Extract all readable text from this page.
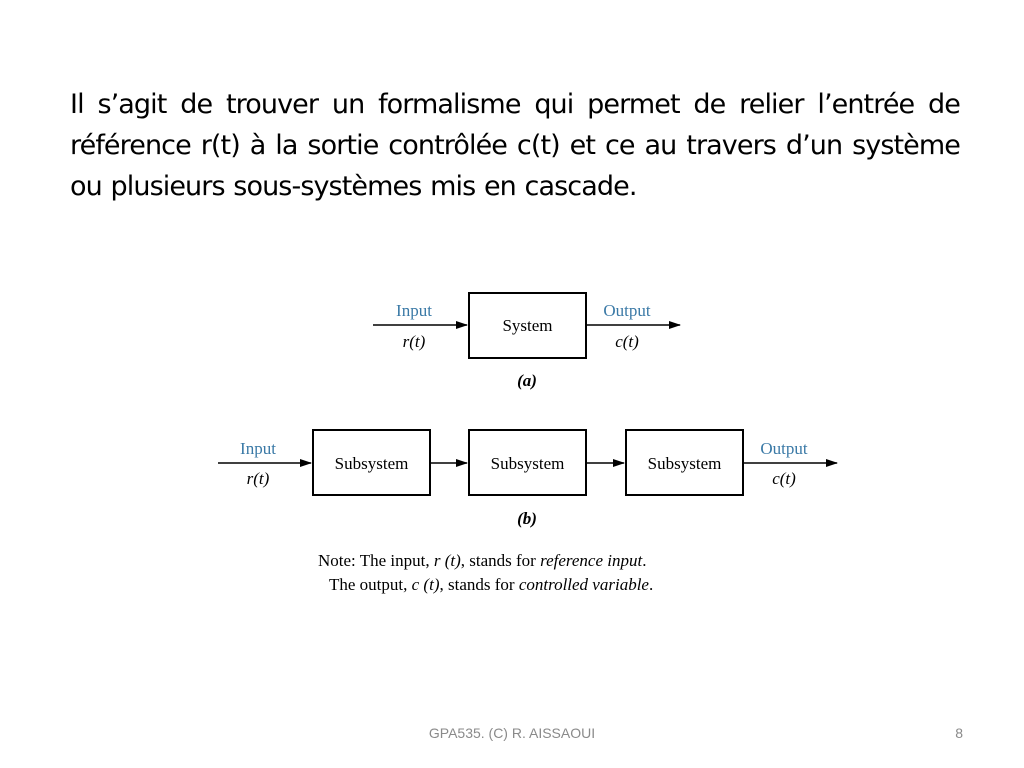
Il s’agit de trouver un formalisme qui permet de relier l’entrée de référence r(t) à la sortie contrôlée c(t) et ce au travers d’un système ou plusieurs sous-systèmes mis en cascade.

Input
r(t)
System
Output
c(t)
(a)
Input
r(t)
Subsystem	Subsystem	Subsystem
Output
c(t)
(b)
Note: The input, r (t), stands for reference input.
The output, c (t), stands for controlled variable.
GPA535. (C) R. AISSAOUI	8
